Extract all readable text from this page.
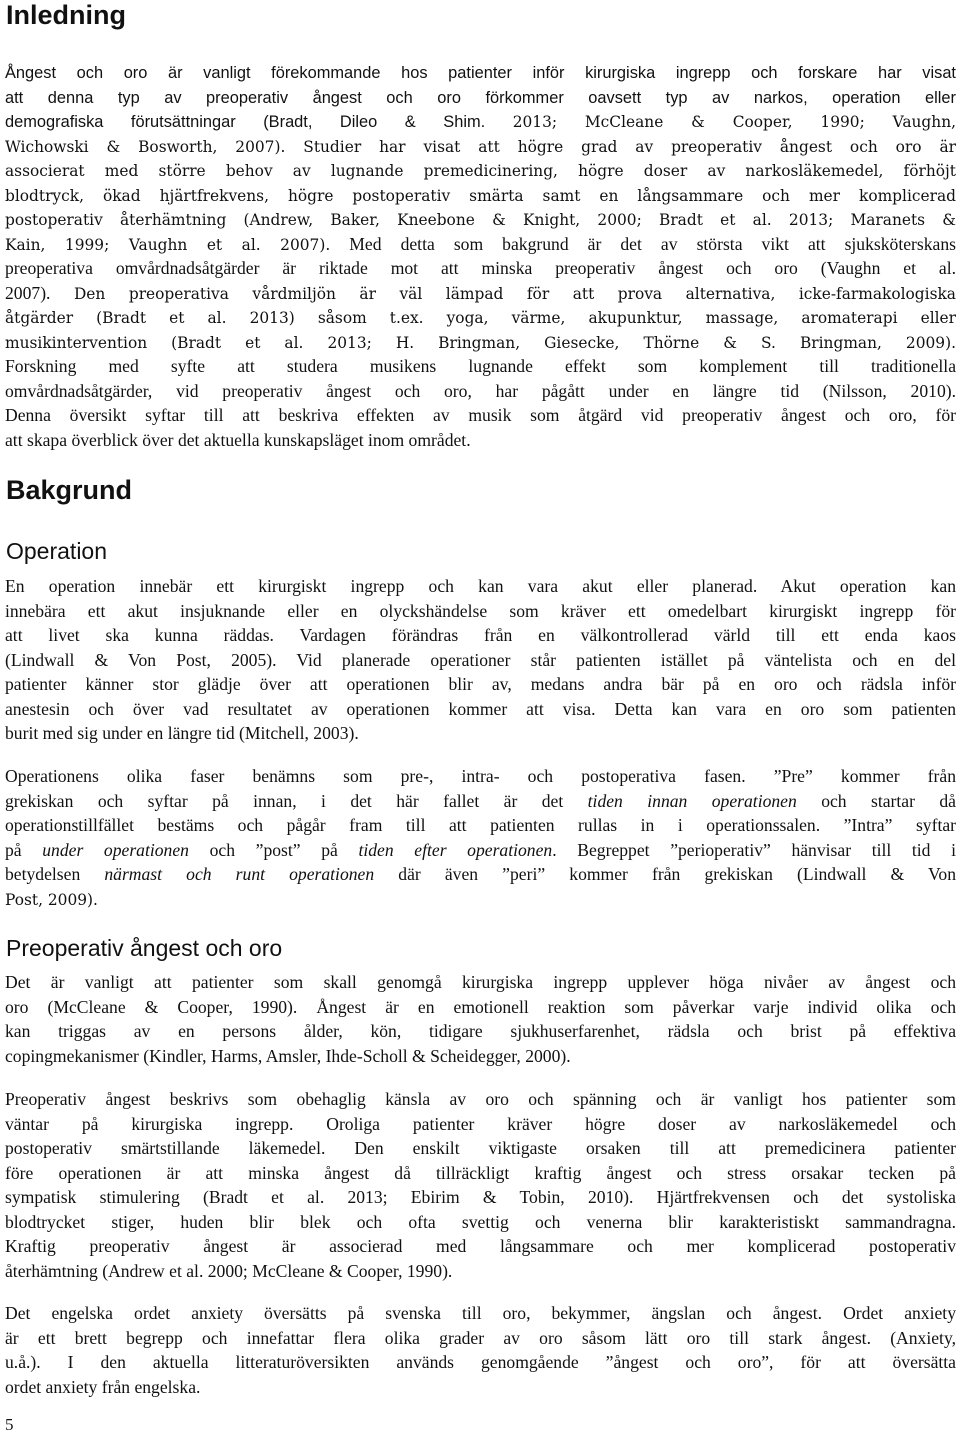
Inledning
Ångest och oro är vanligt förekommande hos patienter inför kirurgiska ingrepp och forskare har visat
att denna typ av preoperativ ångest och oro förkommer oavsett typ av narkos, operation eller
demografiska förutsättningar (Bradt, Dileo & Shim. 2013; McCleane & Cooper, 1990; Vaughn,
Wichowski & Bosworth, 2007). Studier har visat att högre grad av preoperativ ångest och oro är
associerat med större behov av lugnande premedicinering, högre doser av narkosläkemedel, förhöjt
blodtryck, ökad hjärtfrekvens, högre postoperativ smärta samt en långsammare och mer komplicerad
postoperativ återhämtning (Andrew, Baker, Kneebone & Knight, 2000; Bradt et al. 2013; Maranets &
Kain, 1999; Vaughn et al. 2007). Med detta som bakgrund är det av största vikt att sjuksköterskans
preoperativa omvårdnadsåtgärder är riktade mot att minska preoperativ ångest och oro (Vaughn et al.
2007). Den preoperativa vårdmiljön är väl lämpad för att prova alternativa, icke-farmakologiska
åtgärder (Bradt et al. 2013) såsom t.ex. yoga, värme, akupunktur, massage, aromaterapi eller
musikintervention (Bradt et al. 2013; H. Bringman, Giesecke, Thörne & S. Bringman, 2009).
Forskning med syfte att studera musikens lugnande effekt som komplement till traditionella
omvårdnadsåtgärder, vid preoperativ ångest och oro, har pågått under en längre tid (Nilsson, 2010).
Denna översikt syftar till att beskriva effekten av musik som åtgärd vid preoperativ ångest och oro, för
att skapa överblick över det aktuella kunskapsläget inom området.
Bakgrund
Operation
En operation innebär ett kirurgiskt ingrepp och kan vara akut eller planerad. Akut operation kan
innebära ett akut insjuknande eller en olyckshändelse som kräver ett omedelbart kirurgiskt ingrepp för
att livet ska kunna räddas. Vardagen förändras från en välkontrollerad värld till ett enda kaos
(Lindwall & Von Post, 2005). Vid planerade operationer står patienten istället på väntelista och en del
patienter känner stor glädje över att operationen blir av, medans andra bär på en oro och rädsla inför
anestesin och över vad resultatet av operationen kommer att visa. Detta kan vara en oro som patienten
burit med sig under en längre tid (Mitchell, 2003).
Operationens olika faser benämns som pre-, intra- och postoperativa fasen. ”Pre” kommer från
grekiskan och syftar på innan, i det här fallet är det tiden innan operationen och startar då
operationstillfället bestäms och pågår fram till att patienten rullas in i operationssalen. ”Intra” syftar
på under operationen och ”post” på tiden efter operationen. Begreppet ”perioperativ” hänvisar till tid i
betydelsen närmast och runt operationen där även ”peri” kommer från grekiskan (Lindwall & Von
Post, 2009).
Preoperativ ångest och oro
Det är vanligt att patienter som skall genomgå kirurgiska ingrepp upplever höga nivåer av ångest och
oro (McCleane & Cooper, 1990). Ångest är en emotionell reaktion som påverkar varje individ olika och
kan triggas av en persons ålder, kön, tidigare sjukhuserfarenhet, rädsla och brist på effektiva
copingmekanismer (Kindler, Harms, Amsler, Ihde-Scholl & Scheidegger, 2000).
Preoperativ ångest beskrivs som obehaglig känsla av oro och spänning och är vanligt hos patienter som
väntar på kirurgiska ingrepp. Oroliga patienter kräver högre doser av narkosläkemedel och
postoperativ smärtstillande läkemedel. Den enskilt viktigaste orsaken till att premedicinera patienter
före operationen är att minska ångest då tillräckligt kraftig ångest och stress orsakar tecken på
sympatisk stimulering (Bradt et al. 2013; Ebirim & Tobin, 2010). Hjärtfrekvensen och det systoliska
blodtrycket stiger, huden blir blek och ofta svettig och venerna blir karakteristiskt sammandragna.
Kraftig preoperativ ångest är associerad med långsammare och mer komplicerad postoperativ
återhämtning (Andrew et al. 2000; McCleane & Cooper, 1990).
Det engelska ordet anxiety översätts på svenska till oro, bekymmer, ängslan och ångest. Ordet anxiety
är ett brett begrepp och innefattar flera olika grader av oro såsom lätt oro till stark ångest. (Anxiety,
u.å.). I den aktuella litteraturöversikten används genomgående ”ångest och oro”, för att översätta
ordet anxiety från engelska.
5
